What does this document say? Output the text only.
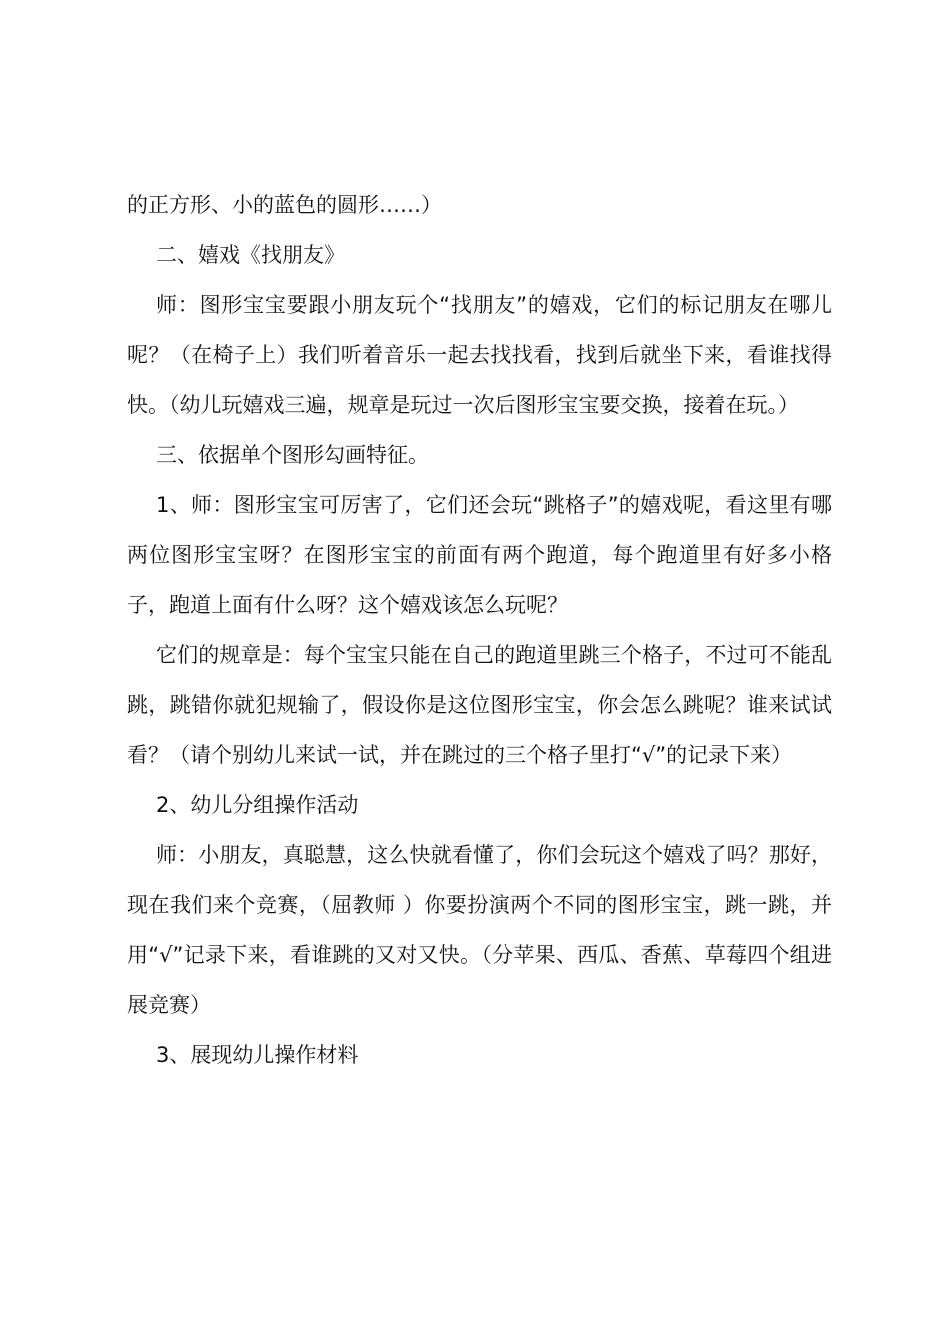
的正方形、小的蓝色的圆形……）

二、嬉戏《找朋友》

师：图形宝宝要跟小朋友玩个“找朋友”的嬉戏，它们的标记朋友在哪儿呢？（在椅子上）我们听着音乐一起去找找看，找到后就坐下来，看谁找得快。（幼儿玩嬉戏三遍，规章是玩过一次后图形宝宝要交换，接着在玩。）

三、依据单个图形勾画特征。

1、师：图形宝宝可厉害了，它们还会玩“跳格子”的嬉戏呢，看这里有哪两位图形宝宝呀？在图形宝宝的前面有两个跑道，每个跑道里有好多小格子，跑道上面有什么呀？这个嬉戏该怎么玩呢？

它们的规章是：每个宝宝只能在自己的跑道里跳三个格子，不过可不能乱跳，跳错你就犯规输了，假设你是这位图形宝宝，你会怎么跳呢？谁来试试看？（请个别幼儿来试一试，并在跳过的三个格子里打“√”的记录下来）

2、幼儿分组操作活动

师：小朋友，真聪慧，这么快就看懂了，你们会玩这个嬉戏了吗？那好，现在我们来个竞赛，（屈教师 ）你要扮演两个不同的图形宝宝，跳一跳，并用“√”记录下来，看谁跳的又对又快。（分苹果、西瓜、香蕉、草莓四个组进展竞赛）

3、展现幼儿操作材料
